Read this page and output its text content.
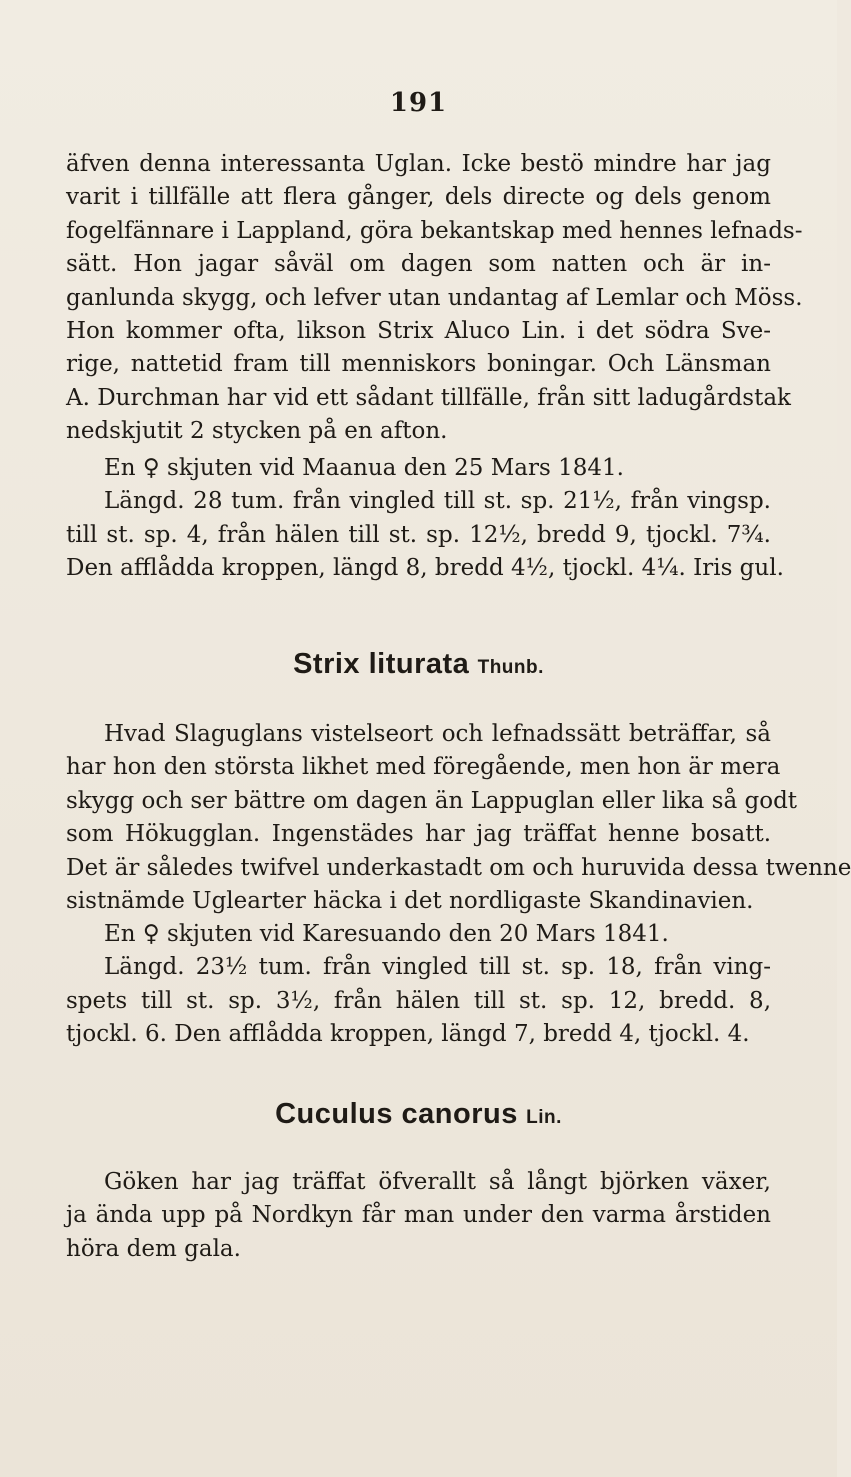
191
äfven denna interessanta Uglan. Icke bestö mindre har jag
varit i tillfälle att flera gånger, dels directe og dels genom
fogelfännare i Lappland, göra bekantskap med hennes lefnads-
sätt. Hon jagar såväl om dagen som natten och är in-
ganlunda skygg, och lefver utan undantag af Lemlar och Möss.
Hon kommer ofta, likson Strix Aluco Lin. i det södra Sve-
rige, nattetid fram till menniskors boningar. Och Länsman
A. Durchman har vid ett sådant tillfälle, från sitt ladugårdstak
nedskjutit 2 stycken på en afton.
En ♀ skjuten vid Maanua den 25 Mars 1841.
Längd. 28 tum. från vingled till st. sp. 21½, från vingsp.
till st. sp. 4, från hälen till st. sp. 12½, bredd 9, tjockl. 7¾.
Den afflådda kroppen, längd 8, bredd 4½, tjockl. 4¼. Iris gul.
Strix liturata Thunb.
Hvad Slaguglans vistelseort och lefnadssätt beträffar, så
har hon den största likhet med föregående, men hon är mera
skygg och ser bättre om dagen än Lappuglan eller lika så godt
som Hökugglan. Ingenstädes har jag träffat henne bosatt.
Det är således twifvel underkastadt om och huruvida dessa twenne
sistnämde Uglearter häcka i det nordligaste Skandinavien.
En ♀ skjuten vid Karesuando den 20 Mars 1841.
Längd. 23½ tum. från vingled till st. sp. 18, från ving-
spets till st. sp. 3½, från hälen till st. sp. 12, bredd. 8,
tjockl. 6. Den afflådda kroppen, längd 7, bredd 4, tjockl. 4.
Cuculus canorus Lin.
Göken har jag träffat öfverallt så långt björken växer,
ja ända upp på Nordkyn får man under den varma årstiden
höra dem gala.
